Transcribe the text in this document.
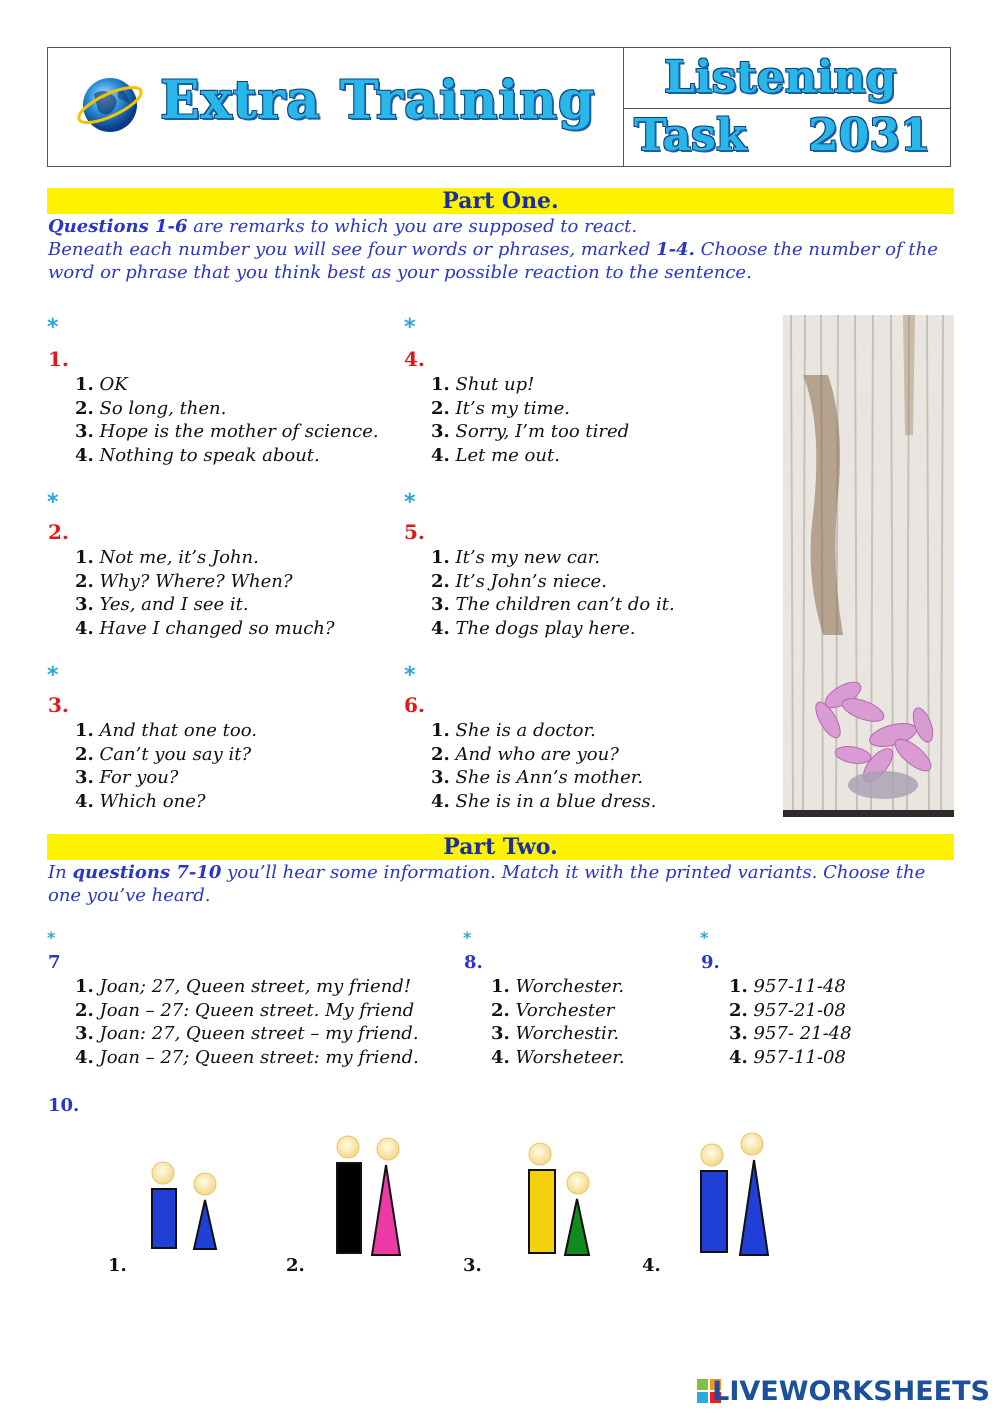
Extra Training Listening
Task 2031
Part One.
Questions 1-6 are remarks to which you are supposed to react.
Beneath each number you will see four words or phrases, marked 1-4. Choose the number of the word or phrase that you think best as your possible reaction to the sentence.
*
1.
1. OK
2. So long, then.
3. Hope is the mother of science.
4. Nothing to speak about.
*
2.
1. Not me, it’s John.
2. Why? Where? When?
3. Yes, and I see it.
4. Have I changed so much?
*
3.
1. And that one too.
2. Can’t you say it?
3. For you?
4. Which one?
*
4.
1. Shut up!
2. It’s my time.
3. Sorry, I’m too tired
4. Let me out.
*
5.
1. It’s my new car.
2. It’s John’s niece.
3. The children can’t do it.
4. The dogs play here.
*
6.
1. She is a doctor.
2. And who are you?
3. She is Ann’s mother.
4. She is in a blue dress.
Part Two.
In questions 7-10 you’ll hear some information. Match it with the printed variants. Choose the one you’ve heard.
*
7
1. Joan; 27, Queen street, my friend!
2. Joan – 27: Queen street. My friend
3. Joan: 27, Queen street – my friend.
4. Joan – 27; Queen street: my friend.
*
8.
1. Worchester.
2. Vorchester
3. Worchestir.
4. Worsheteer.
*
9.
1. 957-11-48
2. 957-21-08
3. 957- 21-48
4. 957-11-08
10.
1.	2.	3.	4.
LIVEWORKSHEETS
